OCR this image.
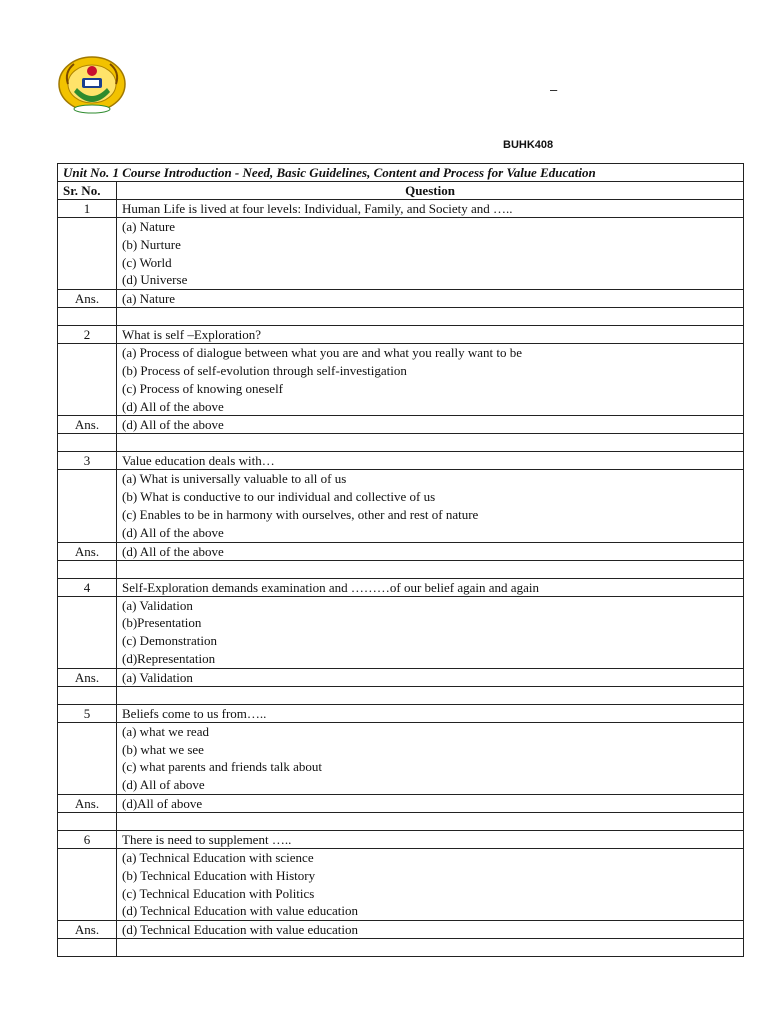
–
BUHK408
Unit No. 1 Course Introduction - Need, Basic Guidelines, Content and Process for Value Education	
Sr. No.	Question
1	Human Life is lived at four levels: Individual, Family, and Society and …..

	(a) Nature
(b) Nurture
(c) World
(d) Universe

Ans.	(a) Nature

2	What is self –Exploration?

	(a) Process of dialogue between what you are and what you really want to be
(b) Process of self-evolution through self-investigation
(c) Process of knowing oneself
(d) All of the above

Ans.	(d) All of the above

3	Value education deals with…

	(a) What is universally valuable to all of us
(b) What is conductive to our individual and collective of us
(c) Enables to be in harmony with ourselves, other and rest of nature
(d) All of the above

Ans.	(d) All of the above

4	Self-Exploration demands examination and ………of our belief again and again

	(a) Validation
(b)Presentation
(c) Demonstration
(d)Representation

Ans.	(a) Validation

5	Beliefs come to us from…..

	(a) what we read
(b) what we see
(c) what parents and friends talk about
(d) All of above

Ans.	(d)All of above

6	There is need to supplement …..

	(a) Technical Education with science
(b) Technical Education with History
(c) Technical Education with Politics
(d) Technical Education with value education

Ans.	(d) Technical Education with value education
